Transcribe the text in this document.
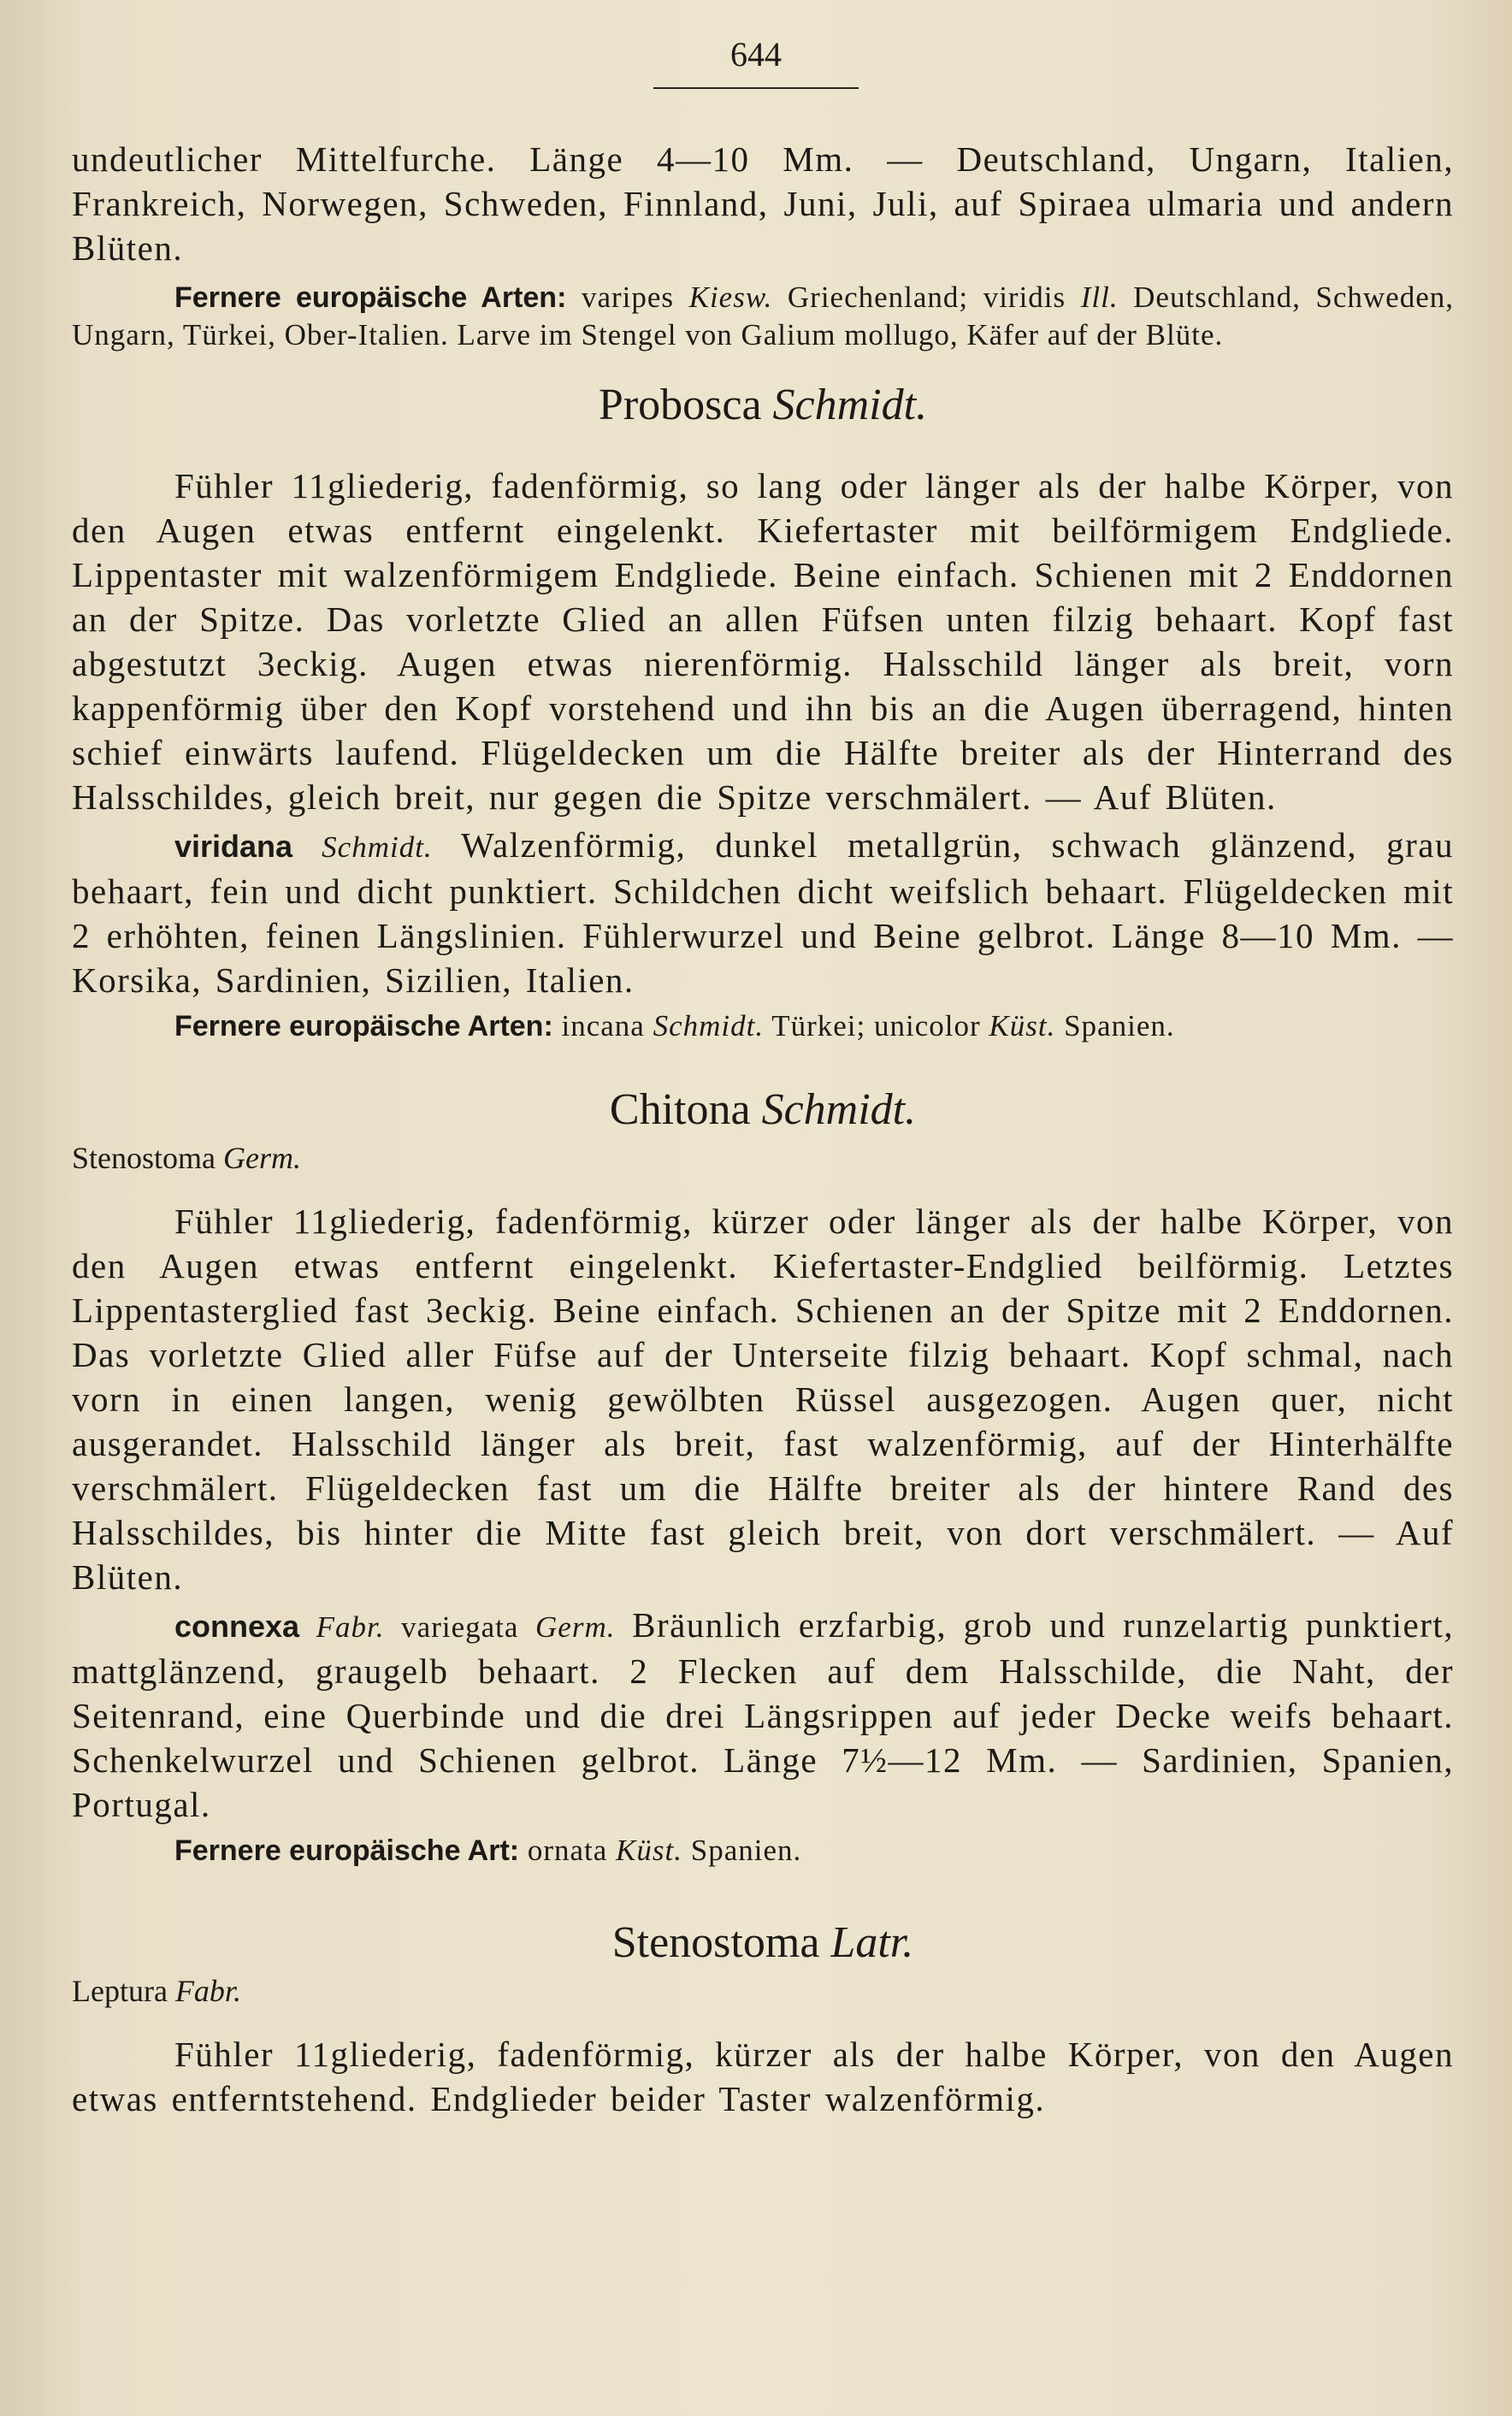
644

undeutlicher Mittelfurche. Länge 4—10 Mm. — Deutschland, Ungarn, Italien, Frankreich, Norwegen, Schweden, Finnland, Juni, Juli, auf Spiraea ulmaria und andern Blüten.

Fernere europäische Arten: varipes Kiesw. Griechenland; viridis Ill. Deutschland, Schweden, Ungarn, Türkei, Ober-Italien. Larve im Stengel von Galium mollugo, Käfer auf der Blüte.

Probosca Schmidt.

Fühler 11gliederig, fadenförmig, so lang oder länger als der halbe Körper, von den Augen etwas entfernt eingelenkt. Kiefertaster mit beilförmigem Endgliede. Lippentaster mit walzenförmigem Endgliede. Beine einfach. Schienen mit 2 Enddornen an der Spitze. Das vorletzte Glied an allen Füfsen unten filzig behaart. Kopf fast abgestutzt 3eckig. Augen etwas nierenförmig. Halsschild länger als breit, vorn kappenförmig über den Kopf vorstehend und ihn bis an die Augen überragend, hinten schief einwärts laufend. Flügeldecken um die Hälfte breiter als der Hinterrand des Halsschildes, gleich breit, nur gegen die Spitze verschmälert. — Auf Blüten.

viridana Schmidt. Walzenförmig, dunkel metallgrün, schwach glänzend, grau behaart, fein und dicht punktiert. Schildchen dicht weifslich behaart. Flügeldecken mit 2 erhöhten, feinen Längslinien. Fühlerwurzel und Beine gelbrot. Länge 8—10 Mm. — Korsika, Sardinien, Sizilien, Italien.

Fernere europäische Arten: incana Schmidt. Türkei; unicolor Küst. Spanien.

Chitona Schmidt.

Stenostoma Germ.

Fühler 11gliederig, fadenförmig, kürzer oder länger als der halbe Körper, von den Augen etwas entfernt eingelenkt. Kiefertaster-Endglied beilförmig. Letztes Lippentasterglied fast 3eckig. Beine einfach. Schienen an der Spitze mit 2 Enddornen. Das vorletzte Glied aller Füfse auf der Unterseite filzig behaart. Kopf schmal, nach vorn in einen langen, wenig gewölbten Rüssel ausgezogen. Augen quer, nicht ausgerandet. Halsschild länger als breit, fast walzenförmig, auf der Hinterhälfte verschmälert. Flügeldecken fast um die Hälfte breiter als der hintere Rand des Halsschildes, bis hinter die Mitte fast gleich breit, von dort verschmälert. — Auf Blüten.

connexa Fabr. variegata Germ. Bräunlich erzfarbig, grob und runzelartig punktiert, mattglänzend, graugelb behaart. 2 Flecken auf dem Halsschilde, die Naht, der Seitenrand, eine Querbinde und die drei Längsrippen auf jeder Decke weifs behaart. Schenkelwurzel und Schienen gelbrot. Länge 7½—12 Mm. — Sardinien, Spanien, Portugal.

Fernere europäische Art: ornata Küst. Spanien.

Stenostoma Latr.

Leptura Fabr.

Fühler 11gliederig, fadenförmig, kürzer als der halbe Körper, von den Augen etwas entferntstehend. Endglieder beider Taster walzenförmig.
